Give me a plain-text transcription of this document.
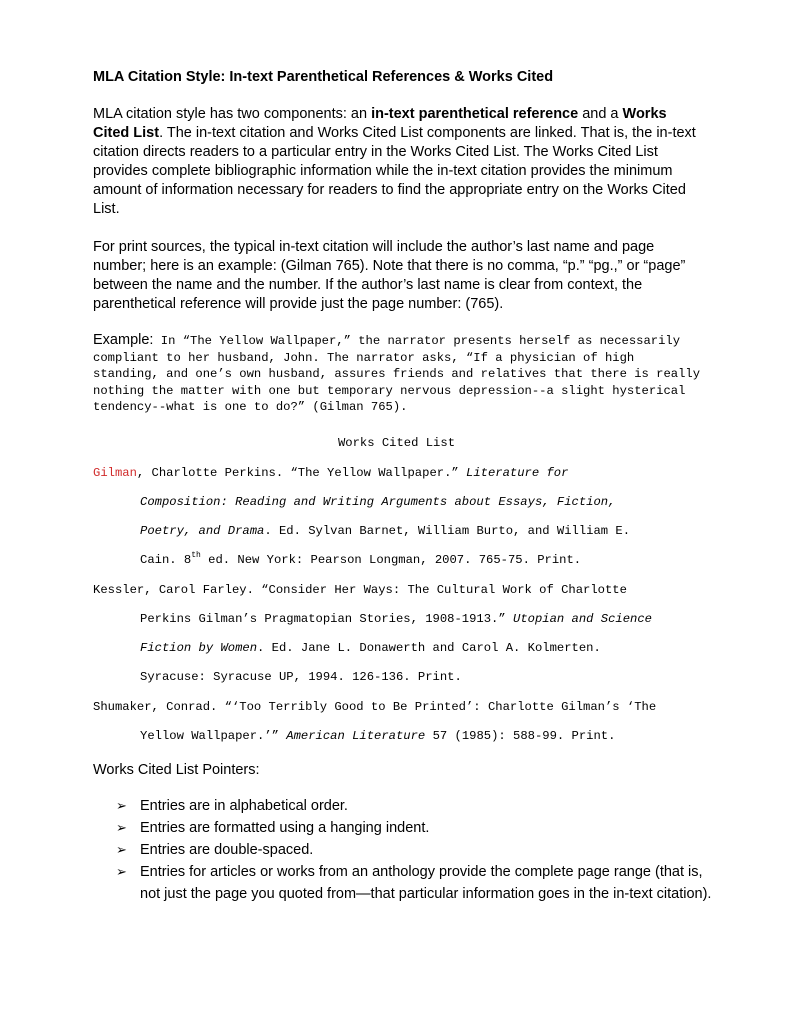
MLA Citation Style: In-text Parenthetical References & Works Cited

MLA citation style has two components: an in-text parenthetical reference and a Works Cited List. The in-text citation and Works Cited List components are linked. That is, the in-text citation directs readers to a particular entry in the Works Cited List. The Works Cited List provides complete bibliographic information while the in-text citation provides the minimum amount of information necessary for readers to find the appropriate entry on the Works Cited List.

For print sources, the typical in-text citation will include the author’s last name and page number; here is an example: (Gilman 765). Note that there is no comma, “p.” “pg.,” or “page” between the name and the number. If the author’s last name is clear from context, the parenthetical reference will provide just the page number: (765).

Example: In “The Yellow Wallpaper,” the narrator presents herself as necessarily compliant to her husband, John. The narrator asks, “If a physician of high standing, and one’s own husband, assures friends and relatives that there is really nothing the matter with one but temporary nervous depression--a slight hysterical tendency--what is one to do?” (Gilman 765).

Works Cited List
Gilman, Charlotte Perkins. “The Yellow Wallpaper.” Literature for
Composition: Reading and Writing Arguments about Essays, Fiction,
Poetry, and Drama. Ed. Sylvan Barnet, William Burto, and William E.
Cain. 8th ed. New York: Pearson Longman, 2007. 765-75. Print.
Kessler, Carol Farley. “Consider Her Ways: The Cultural Work of Charlotte
Perkins Gilman’s Pragmatopian Stories, 1908-1913.” Utopian and Science
Fiction by Women. Ed. Jane L. Donawerth and Carol A. Kolmerten.
Syracuse: Syracuse UP, 1994. 126-136. Print.
Shumaker, Conrad. “‘Too Terribly Good to Be Printed’: Charlotte Gilman’s ‘The
Yellow Wallpaper.’” American Literature 57 (1985): 588-99. Print.
Works Cited List Pointers:
➢ Entries are in alphabetical order.
➢ Entries are formatted using a hanging indent.
➢ Entries are double-spaced.
➢ Entries for articles or works from an anthology provide the complete page range (that is, not just the page you quoted from—that particular information goes in the in-text citation).
